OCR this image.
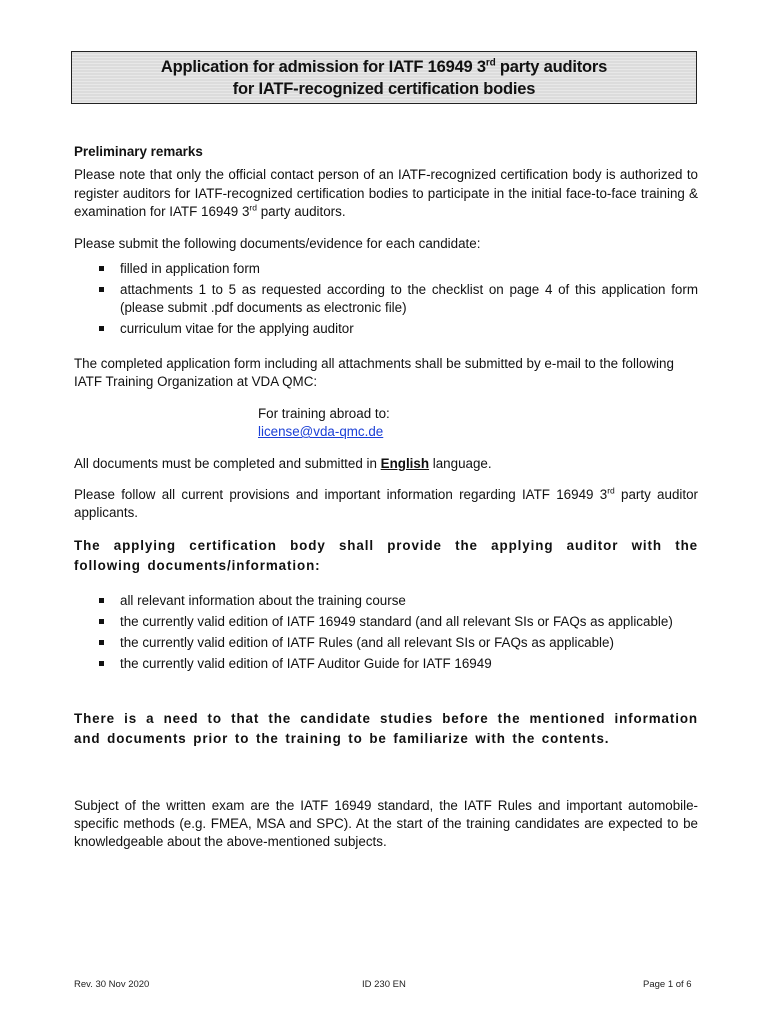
Application for admission for IATF 16949 3rd party auditors
for IATF-recognized certification bodies
Preliminary remarks
Please note that only the official contact person of an IATF-recognized certification body is authorized to register auditors for IATF-recognized certification bodies to participate in the initial face-to-face training & examination for IATF 16949 3rd party auditors.
Please submit the following documents/evidence for each candidate:
filled in application form
attachments 1 to 5 as requested according to the checklist on page 4 of this application form (please submit .pdf documents as electronic file)
curriculum vitae for the applying auditor
The completed application form including all attachments shall be submitted by e-mail to the following IATF Training Organization at VDA QMC:
For training abroad to:
license@vda-qmc.de
All documents must be completed and submitted in English language.
Please follow all current provisions and important information regarding IATF 16949 3rd party auditor applicants.
The applying certification body shall provide the applying auditor with the following documents/information:
all relevant information about the training course
the currently valid edition of IATF 16949 standard (and all relevant SIs or FAQs as applicable)
the currently valid edition of IATF Rules (and all relevant SIs or FAQs as applicable)
the currently valid edition of IATF Auditor Guide for IATF 16949
There is a need to that the candidate studies before the mentioned information and documents prior to the training to be familiarize with the contents.
Subject of the written exam are the IATF 16949 standard, the IATF Rules and important automobile-specific methods (e.g. FMEA, MSA and SPC). At the start of the training candidates are expected to be knowledgeable about the above-mentioned subjects.
Rev. 30 Nov 2020	ID 230 EN	Page 1 of 6
